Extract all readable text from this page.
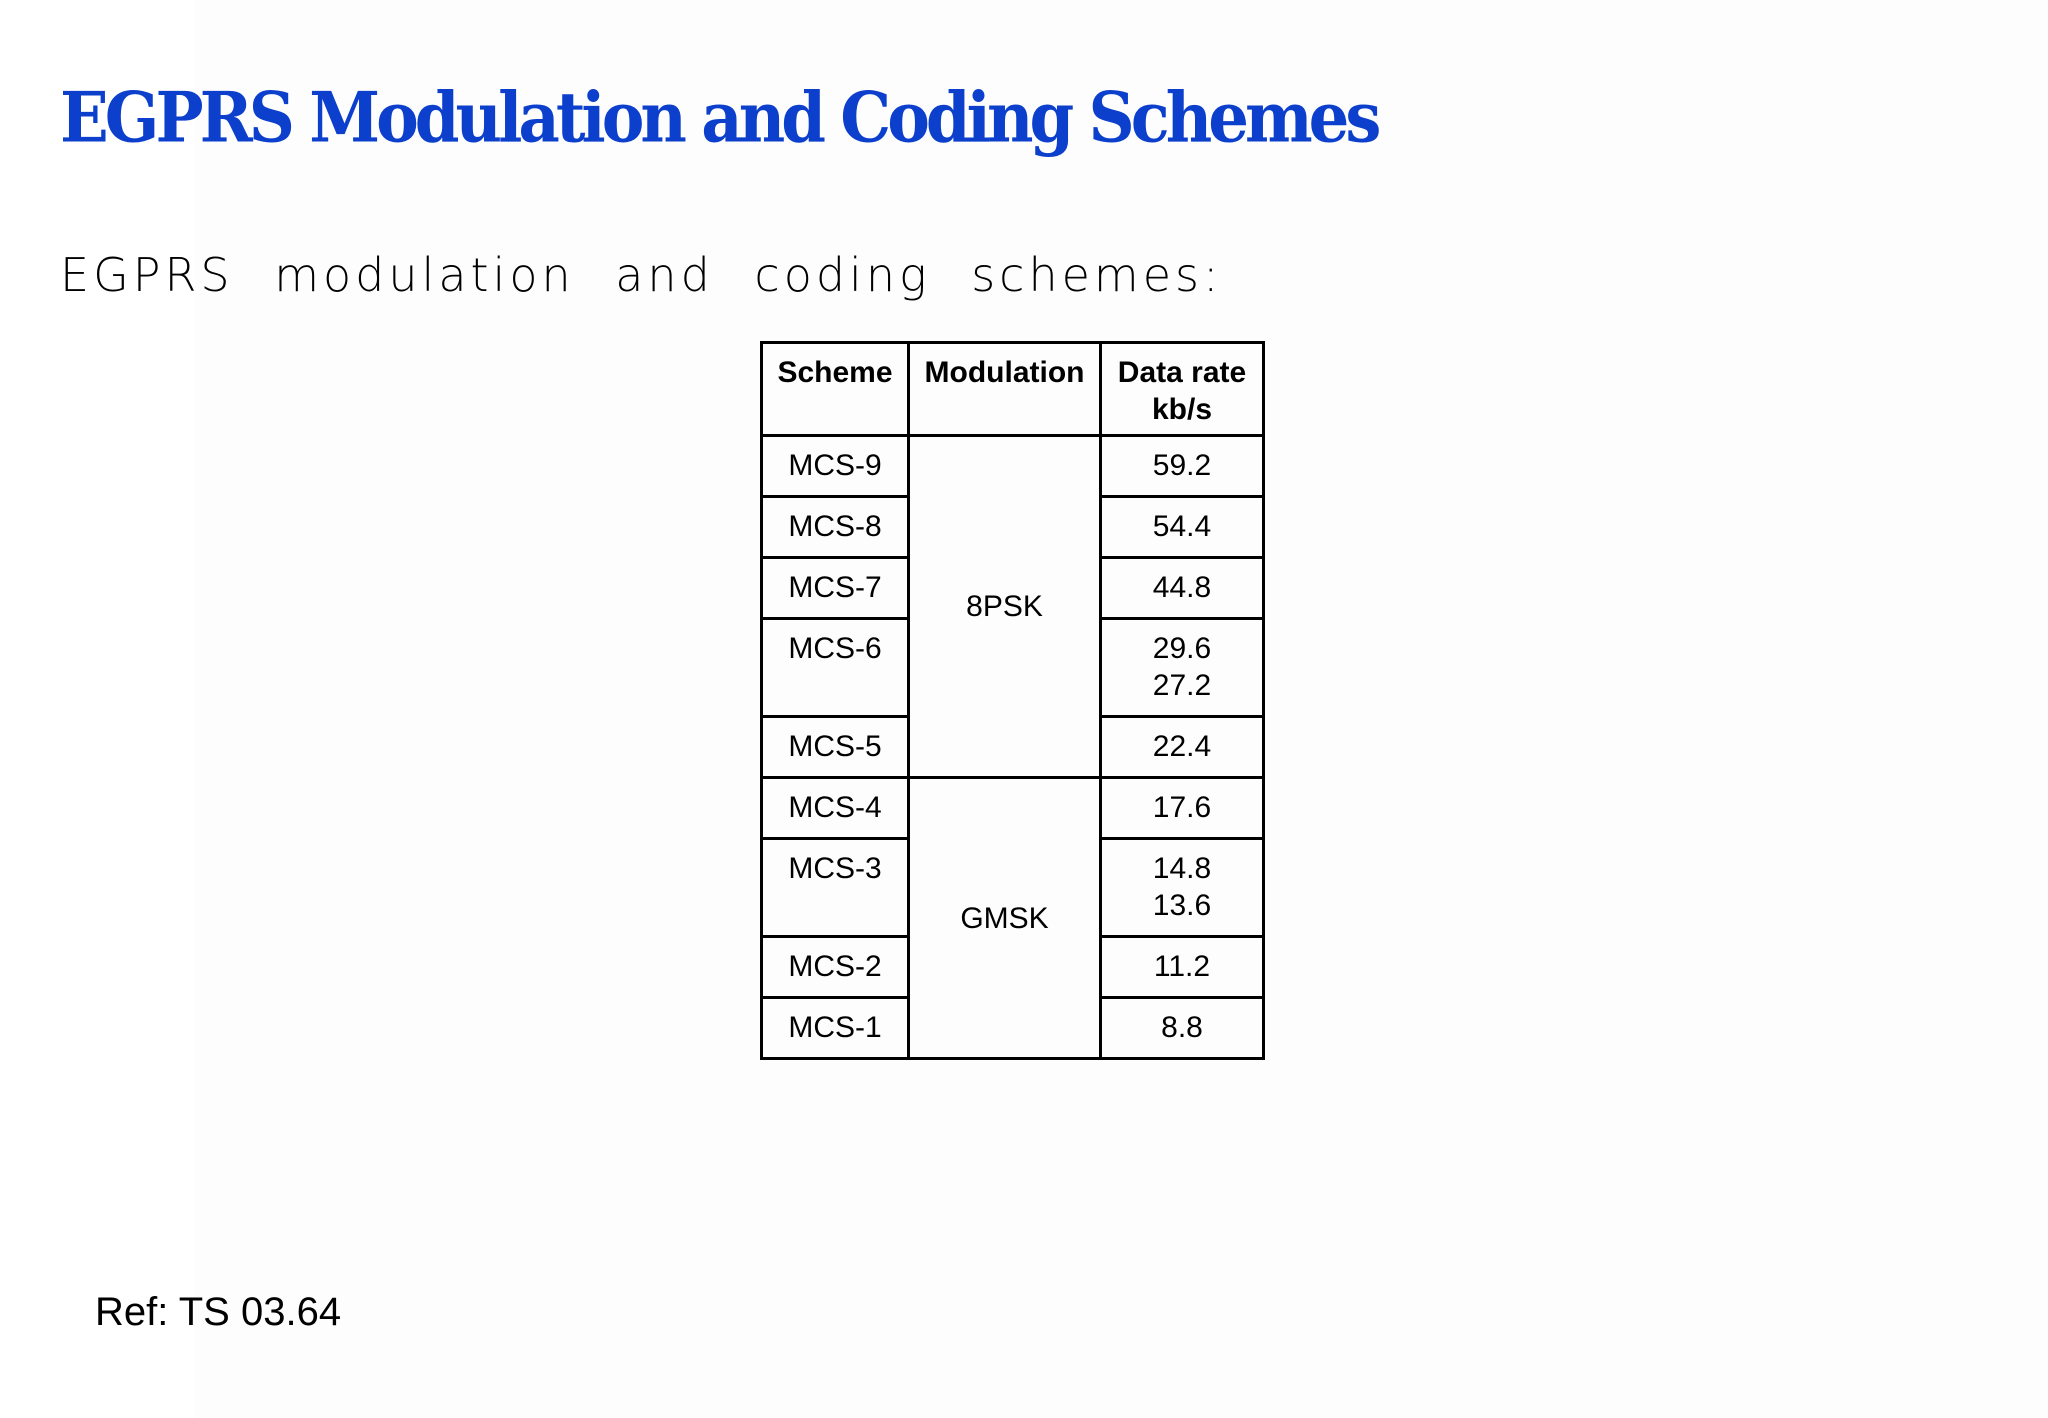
EGPRS Modulation and Coding Schemes
EGPRS modulation and coding schemes:
Scheme	Modulation	Data rate
kb/s

MCS-9	8PSK	59.2

MCS-8		54.4

MCS-7		44.8

MCS-6		29.6
27.2

MCS-5		22.4

MCS-4	GMSK	17.6

MCS-3		14.8
13.6

MCS-2		11.2

MCS-1		8.8

Ref: TS 03.64
